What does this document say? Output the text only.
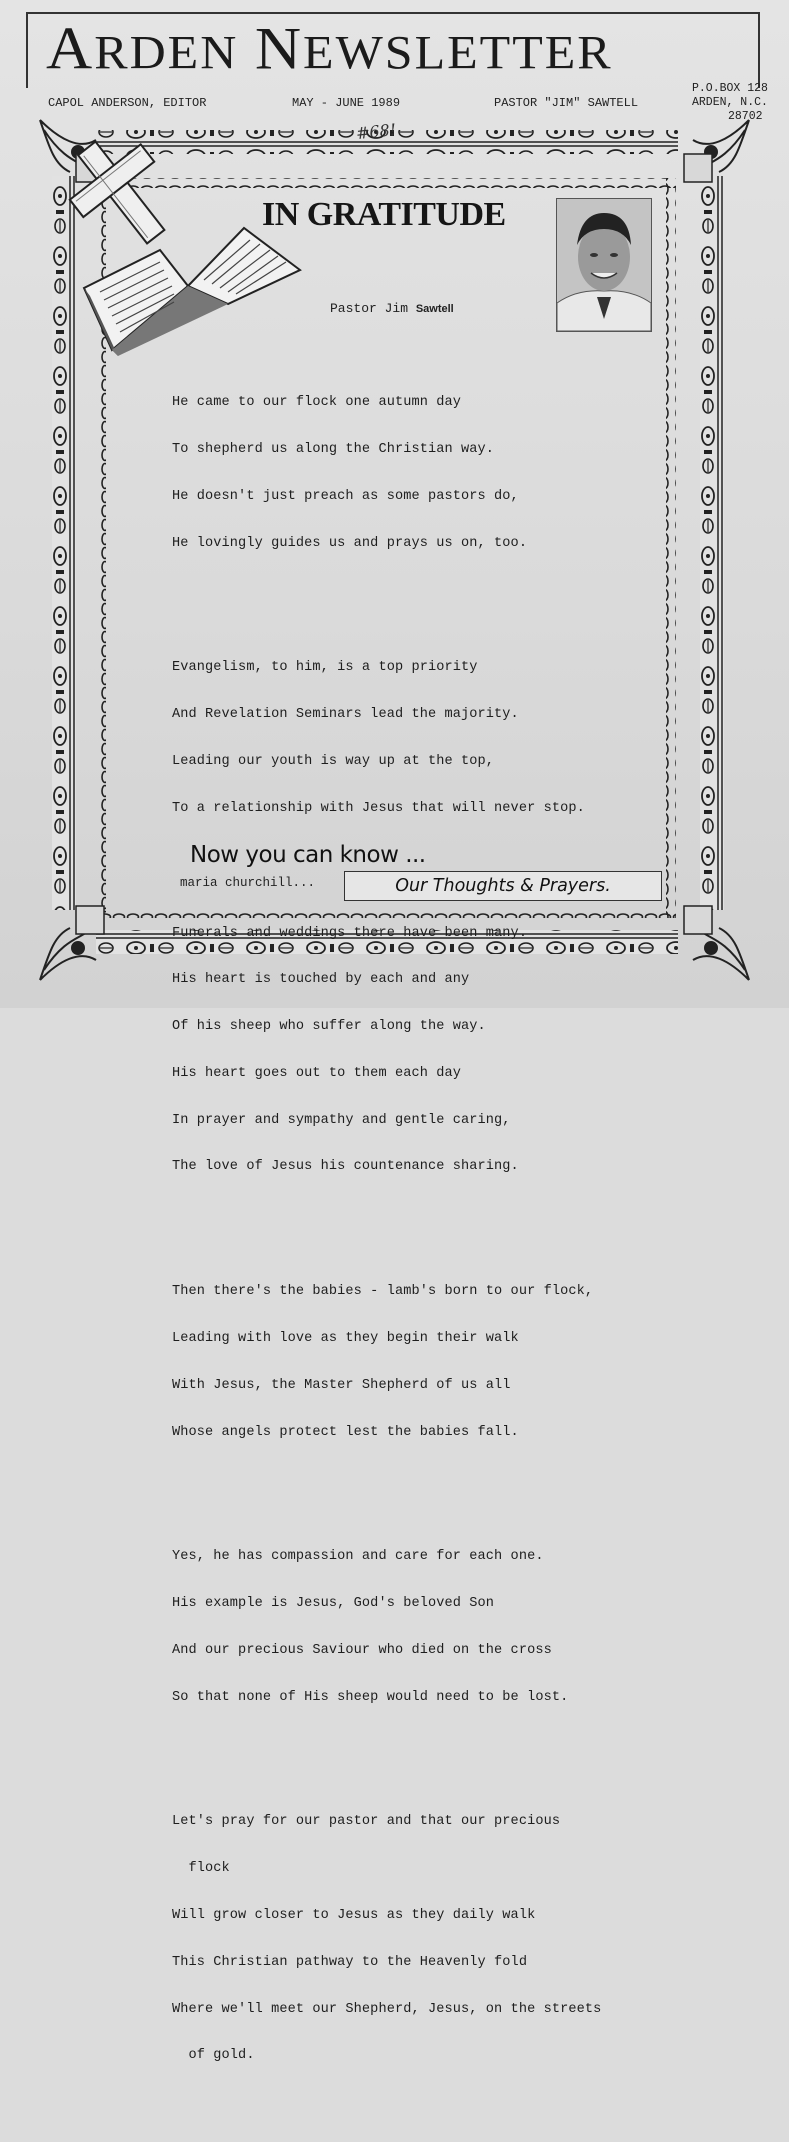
ARDEN NEWSLETTER
CAPOL ANDERSON, EDITOR	MAY - JUNE 1989	PASTOR "JIM" SAWTELL
P.O.BOX 128
ARDEN, N.C.
28702
#68!
IN GRATITUDE
Pastor Jim Sawtell

He came to our flock one autumn day

To shepherd us along the Christian way.

He doesn't just preach as some pastors do,

He lovingly guides us and prays us on, too.

Evangelism, to him, is a top priority

And Revelation Seminars lead the majority.

Leading our youth is way up at the top,

To a relationship with Jesus that will never stop.

Funerals and weddings there have been many.

His heart is touched by each and any

Of his sheep who suffer along the way.

His heart goes out to them each day

In prayer and sympathy and gentle caring,

The love of Jesus his countenance sharing.

Then there's the babies - lamb's born to our flock,

Leading with love as they begin their walk

With Jesus, the Master Shepherd of us all

Whose angels protect lest the babies fall.

Yes, he has compassion and care for each one.

His example is Jesus, God's beloved Son

And our precious Saviour who died on the cross

So that none of His sheep would need to be lost.

Let's pray for our pastor and that our precious

flock

Will grow closer to Jesus as they daily walk

This Christian pathway to the Heavenly fold

Where we'll meet our Shepherd, Jesus, on the streets

of gold.

Now you can know ...
maria churchill...	Our Thoughts & Prayers.
